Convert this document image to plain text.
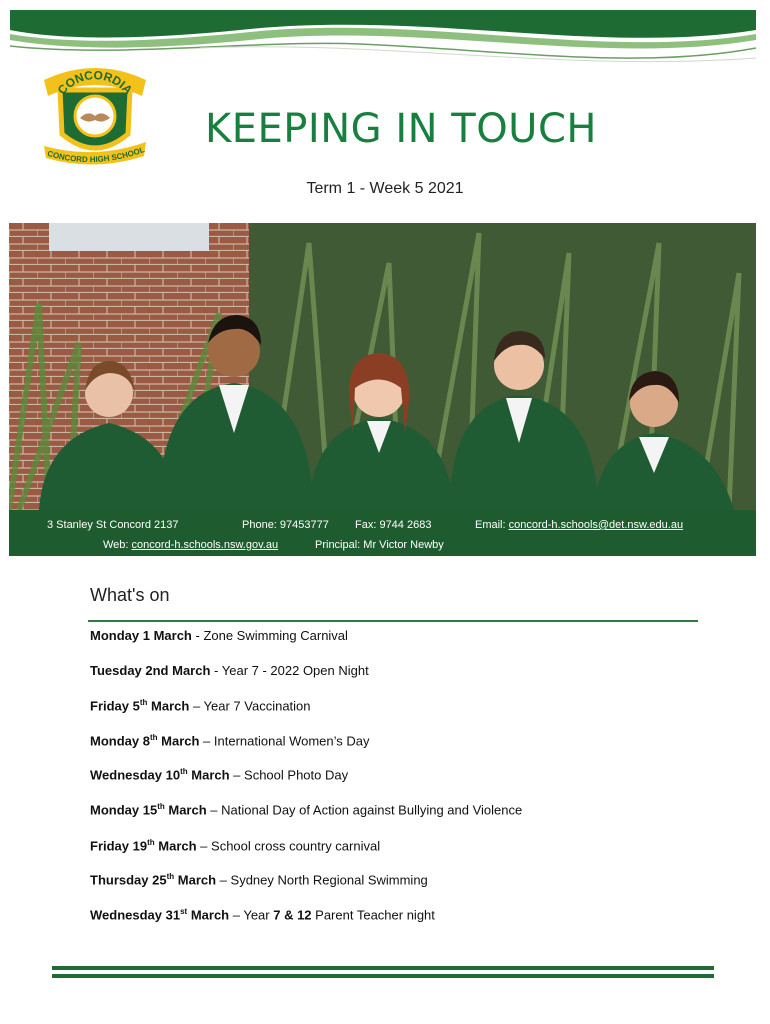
CONCORDIA
CONCORD HIGH SCHOOL KEEPING IN TOUCH
Term 1 - Week 5 2021
3 Stanley St Concord 2137	Phone: 97453777 Fax: 9744 2683	Email: concord-h.schools@det.nsw.edu.au
Web: concord-h.schools.nsw.gov.au	Principal: Mr Victor Newby
What's on
Monday 1 March - Zone Swimming Carnival
Tuesday 2nd March - Year 7 - 2022 Open Night
Friday 5th March – Year 7 Vaccination
Monday 8th March – International Women’s Day
Wednesday 10th March – School Photo Day
Monday 15th March – National Day of Action against Bullying and Violence
Friday 19th March – School cross country carnival
Thursday 25th March – Sydney North Regional Swimming
Wednesday 31st March – Year 7 & 12 Parent Teacher night
